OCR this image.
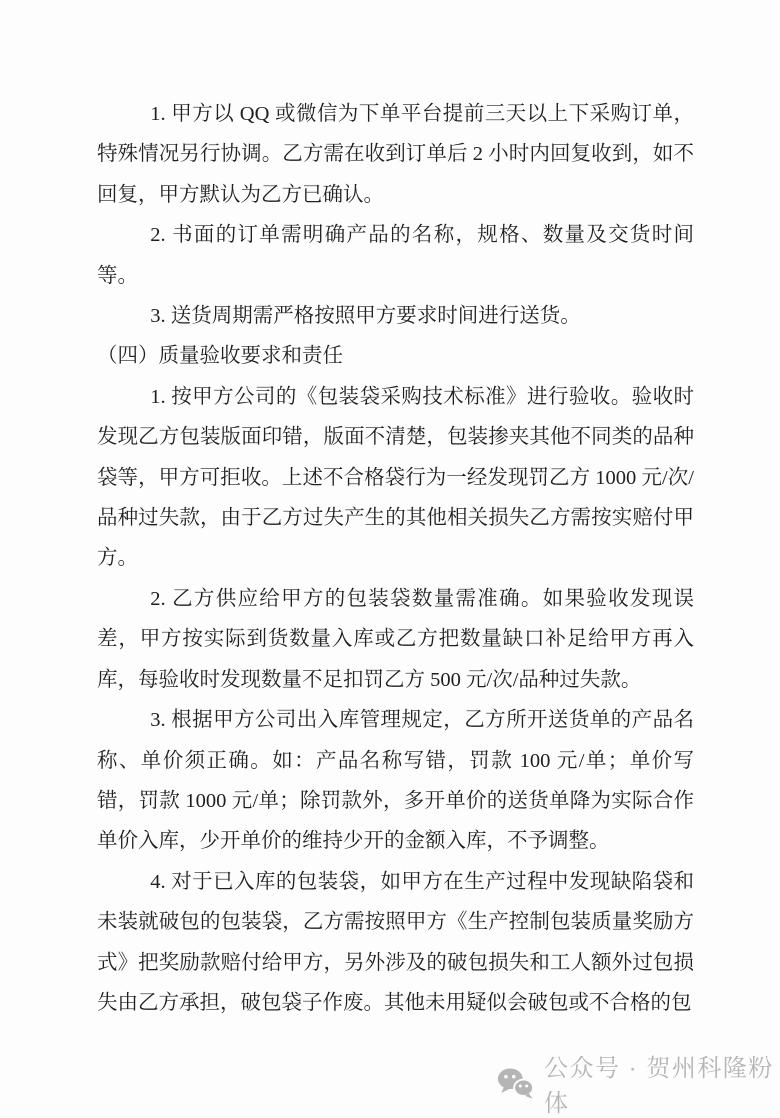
1. 甲方以 QQ 或微信为下单平台提前三天以上下采购订单，特殊情况另行协调。乙方需在收到订单后 2 小时内回复收到，如不回复，甲方默认为乙方已确认。

2. 书面的订单需明确产品的名称，规格、数量及交货时间等。

3. 送货周期需严格按照甲方要求时间进行送货。

（四）质量验收要求和责任

1. 按甲方公司的《包装袋采购技术标准》进行验收。验收时发现乙方包装版面印错，版面不清楚，包装掺夹其他不同类的品种袋等，甲方可拒收。上述不合格袋行为一经发现罚乙方 1000 元/次/品种过失款，由于乙方过失产生的其他相关损失乙方需按实赔付甲方。

2. 乙方供应给甲方的包装袋数量需准确。如果验收发现误差，甲方按实际到货数量入库或乙方把数量缺口补足给甲方再入库，每验收时发现数量不足扣罚乙方 500 元/次/品种过失款。

3. 根据甲方公司出入库管理规定，乙方所开送货单的产品名称、单价须正确。如：产品名称写错，罚款 100 元/单；单价写错，罚款 1000 元/单；除罚款外，多开单价的送货单降为实际合作单价入库，少开单价的维持少开的金额入库，不予调整。

4. 对于已入库的包装袋，如甲方在生产过程中发现缺陷袋和未装就破包的包装袋，乙方需按照甲方《生产控制包装质量奖励方式》把奖励款赔付给甲方，另外涉及的破包损失和工人额外过包损失由乙方承担，破包袋子作废。其他未用疑似会破包或不合格的包

公众号 · 贺州科隆粉体
